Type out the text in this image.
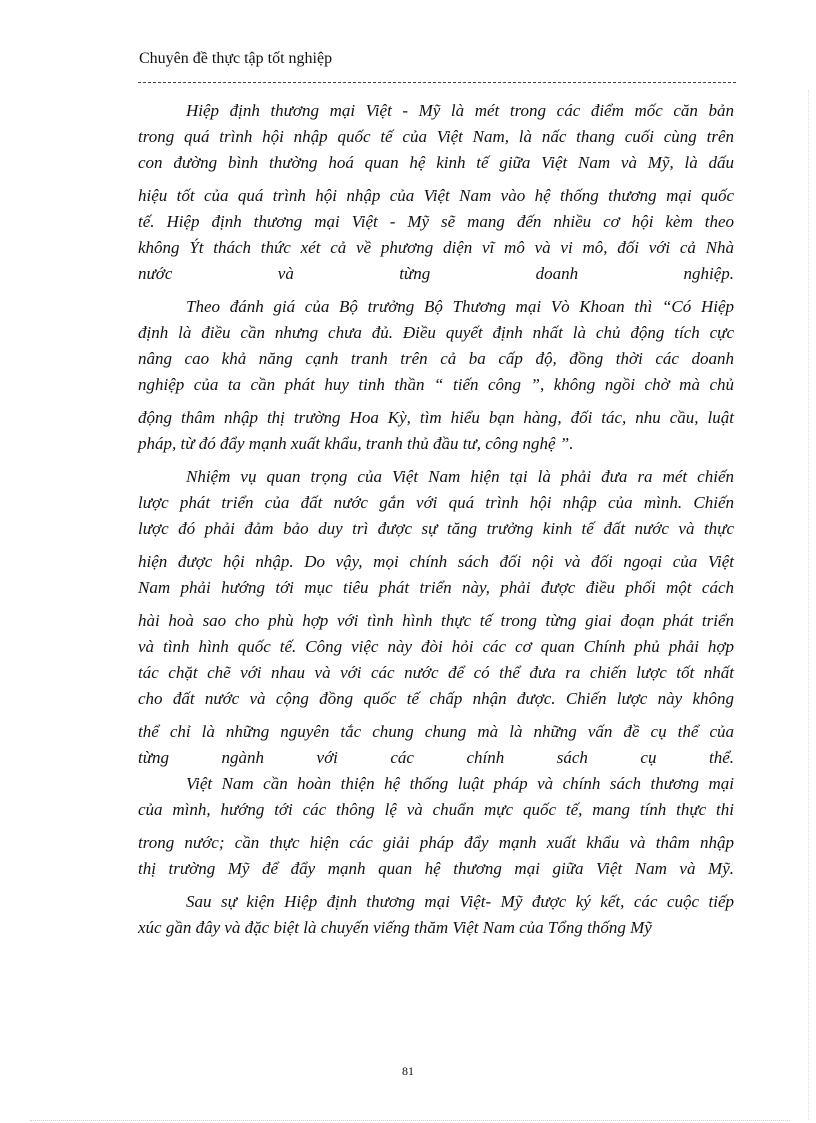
Chuyên đề thực tập tốt nghiệp
Hiệp định thương mại Việt - Mỹ là mét trong các điểm mốc căn bản
trong quá trình hội nhập quốc tế của Việt Nam, là nấc thang cuối cùng trên
con đường bình thường hoá quan hệ kinh tế giữa Việt Nam và Mỹ, là dấu
hiệu tốt của quá trình hội nhập của Việt Nam vào hệ thống thương mại quốc
tế. Hiệp định thương mại Việt - Mỹ sẽ mang đến nhiều cơ hội kèm theo
không Ýt thách thức xét cả về phương diện vĩ mô và vi mô, đối với cả Nhà
nước và từng doanh nghiệp.
Theo đánh giá của Bộ trưởng Bộ Thương mại Vò Khoan thì “Có Hiệp
định là điều cần nhưng chưa đủ. Điều quyết định nhất là chủ động tích cực
nâng cao khả năng cạnh tranh trên cả ba cấp độ, đồng thời các doanh
nghiệp của ta cần phát huy tinh thần “ tiến công ”, không ngồi chờ mà chủ
động thâm nhập thị trường Hoa Kỳ, tìm hiểu bạn hàng, đối tác, nhu cầu, luật
pháp, từ đó đẩy mạnh xuất khẩu, tranh thủ đầu tư, công nghệ ”.
Nhiệm vụ quan trọng của Việt Nam hiện tại là phải đưa ra mét chiến
lược phát triển của đất nước gắn với quá trình hội nhập của mình. Chiến
lược đó phải đảm bảo duy trì được sự tăng trưởng kinh tế đất nước và thực
hiện được hội nhập. Do vậy, mọi chính sách đối nội và đối ngoại của Việt
Nam phải hướng tới mục tiêu phát triển này, phải được điều phối một cách
hài hoà sao cho phù hợp với tình hình thực tế trong từng giai đoạn phát triển
và tình hình quốc tế. Công việc này đòi hỏi các cơ quan Chính phủ phải hợp
tác chặt chẽ với nhau và với các nước để có thể đưa ra chiến lược tốt nhất
cho đất nước và cộng đồng quốc tế chấp nhận được. Chiến lược này không
thể chỉ là những nguyên tắc chung chung mà là những vấn đề cụ thể của
từng ngành với các chính sách cụ thể.
Việt Nam cần hoàn thiện hệ thống luật pháp và chính sách thương mại
của mình, hướng tới các thông lệ và chuẩn mực quốc tế, mang tính thực thi
trong nước; cần thực hiện các giải pháp đẩy mạnh xuất khẩu và thâm nhập
thị trường Mỹ để đẩy mạnh quan hệ thương mại giữa Việt Nam và Mỹ.
Sau sự kiện Hiệp định thương mại Việt- Mỹ được ký kết, các cuộc tiếp
xúc gần đây và đặc biệt là chuyến viếng thăm Việt Nam của Tổng thống Mỹ
81
